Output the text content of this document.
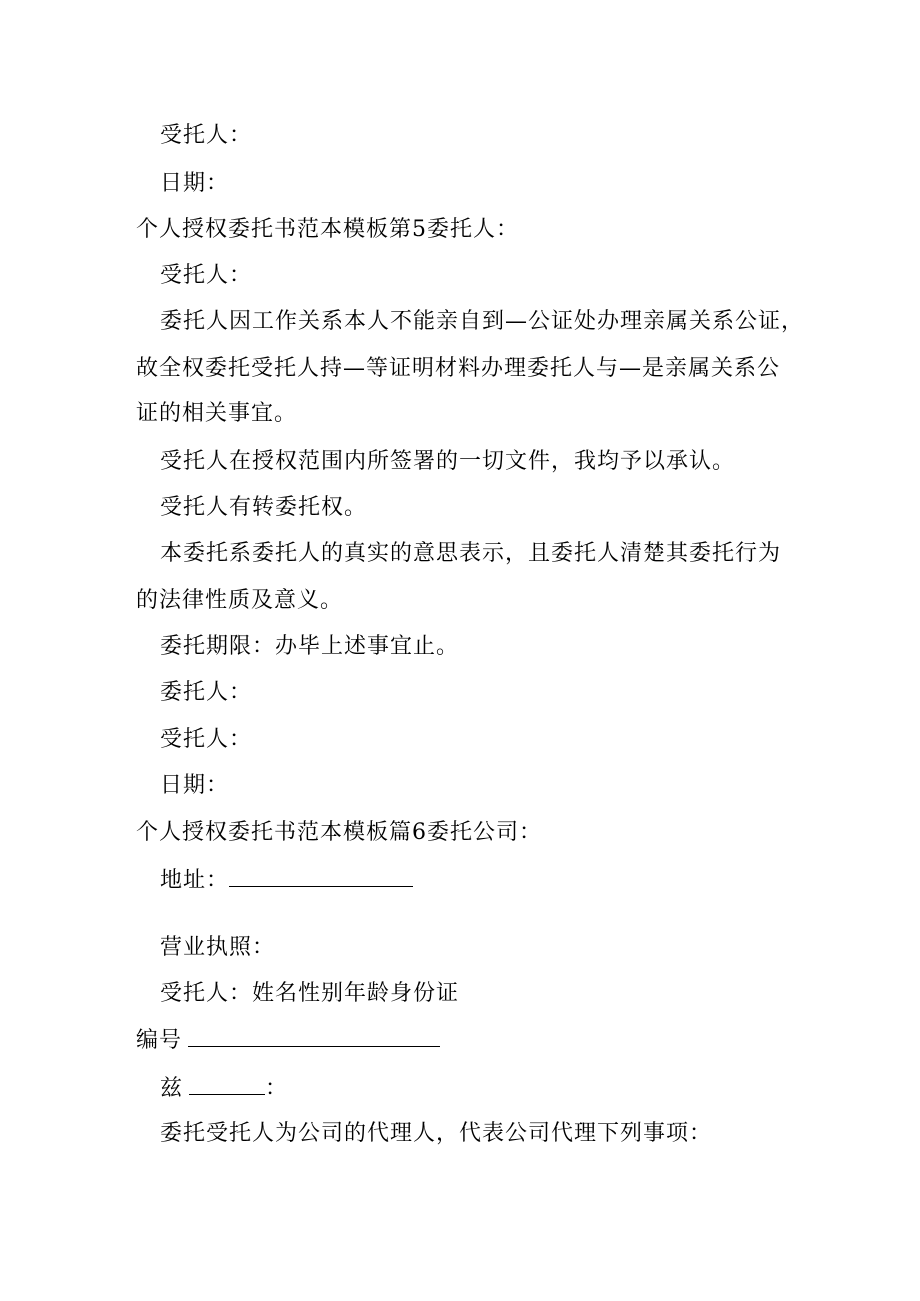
受托人：
日期：
个人授权委托书范本模板第5委托人：
受托人：
委托人因工作关系本人不能亲自到—公证处办理亲属关系公证，
故全权委托受托人持—等证明材料办理委托人与—是亲属关系公
证的相关事宜。
受托人在授权范围内所签署的一切文件，我均予以承认。
受托人有转委托权。
本委托系委托人的真实的意思表示，且委托人清楚其委托行为
的法律性质及意义。
委托期限：办毕上述事宜止。
委托人：
受托人：
日期：
个人授权委托书范本模板篇6委托公司：
地址：
营业执照：
受托人：姓名性别年龄身份证
编号
兹	：
委托受托人为公司的代理人，代表公司代理下列事项：
